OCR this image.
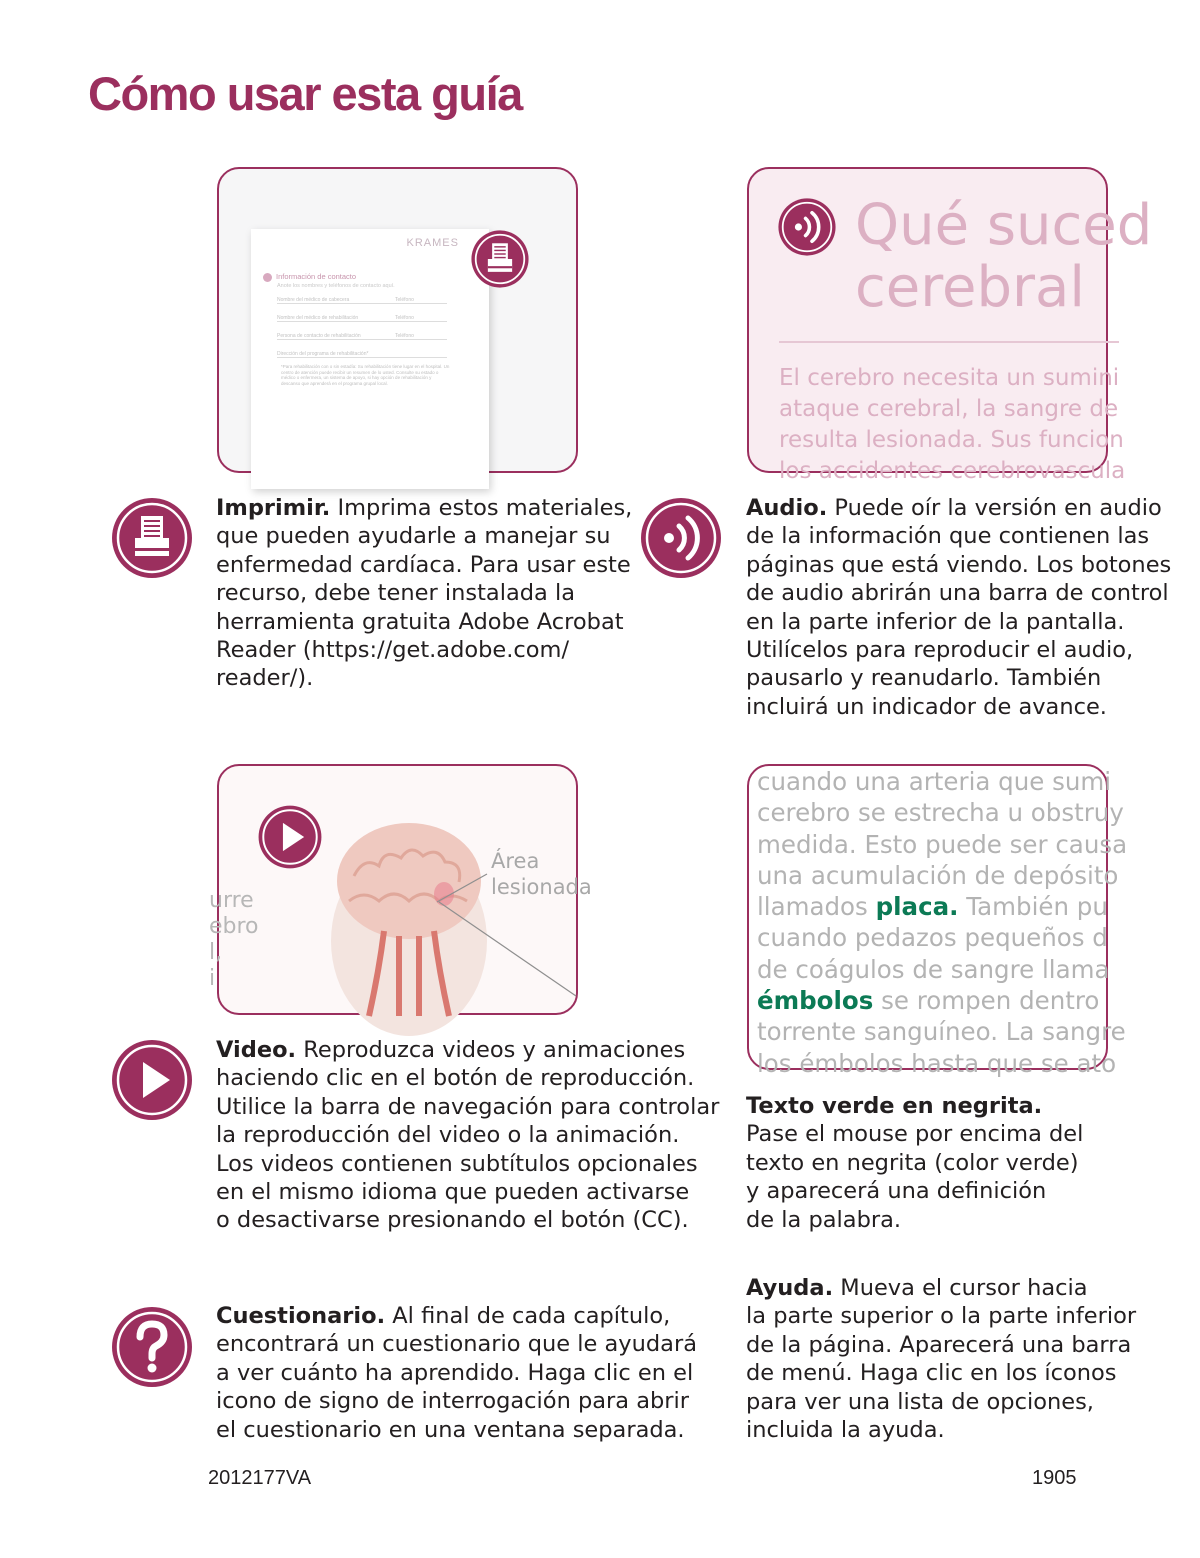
Cómo usar esta guía
KRAMES
Información de contacto
Anote los nombres y teléfonos de contacto aquí.
Nombre del médico de cabecera	Teléfono
Nombre del médico de rehabilitación	Teléfono
Persona de contacto de rehabilitación	Teléfono
Dirección del programa de rehabilitación*
*Para rehabilitación con o sin estadía: Su rehabilitación tiene lugar en el hospital. Un centro de atención puede recibir un resumen de lo usted. Consulte su estado o médico o enfermera, un sistema de apoyo, si hay opción de rehabilitación y descanso que aprenderá en el programa grupal local.
Qué suced
cerebral
El cerebro necesita un sumini
ataque cerebral, la sangre de
resulta lesionada. Sus funcion
los accidentes cerebrovascula
urre
ebro
l,
i
Área
lesionada
cuando una arteria que sumi
cerebro se estrecha u obstruy
medida. Esto puede ser causa
una acumulación de depósito
llamados placa. También pu
cuando pedazos pequeños d
de coágulos de sangre llama
émbolos se rompen dentro
torrente sanguíneo. La sangre
los émbolos hasta que se ato
Imprimir. Imprima estos materiales,
que pueden ayudarle a manejar su
enfermedad cardíaca. Para usar este
recurso, debe tener instalada la
herramienta gratuita Adobe Acrobat
Reader (https://get.adobe.com/
reader/).
Audio. Puede oír la versión en audio
de la información que contienen las
páginas que está viendo. Los botones
de audio abrirán una barra de control
en la parte inferior de la pantalla.
Utilícelos para reproducir el audio,
pausarlo y reanudarlo. También
incluirá un indicador de avance.
Video. Reproduzca videos y animaciones
haciendo clic en el botón de reproducción.
Utilice la barra de navegación para controlar
la reproducción del video o la animación.
Los videos contienen subtítulos opcionales
en el mismo idioma que pueden activarse
o desactivarse presionando el botón (CC).
Texto verde en negrita.
Pase el mouse por encima del
texto en negrita (color verde)
y aparecerá una definición
de la palabra.
Cuestionario. Al final de cada capítulo,
encontrará un cuestionario que le ayudará
a ver cuánto ha aprendido. Haga clic en el
icono de signo de interrogación para abrir
el cuestionario en una ventana separada.
Ayuda. Mueva el cursor hacia
la parte superior o la parte inferior
de la página. Aparecerá una barra
de menú. Haga clic en los íconos
para ver una lista de opciones,
incluida la ayuda.
2012177VA	1905
